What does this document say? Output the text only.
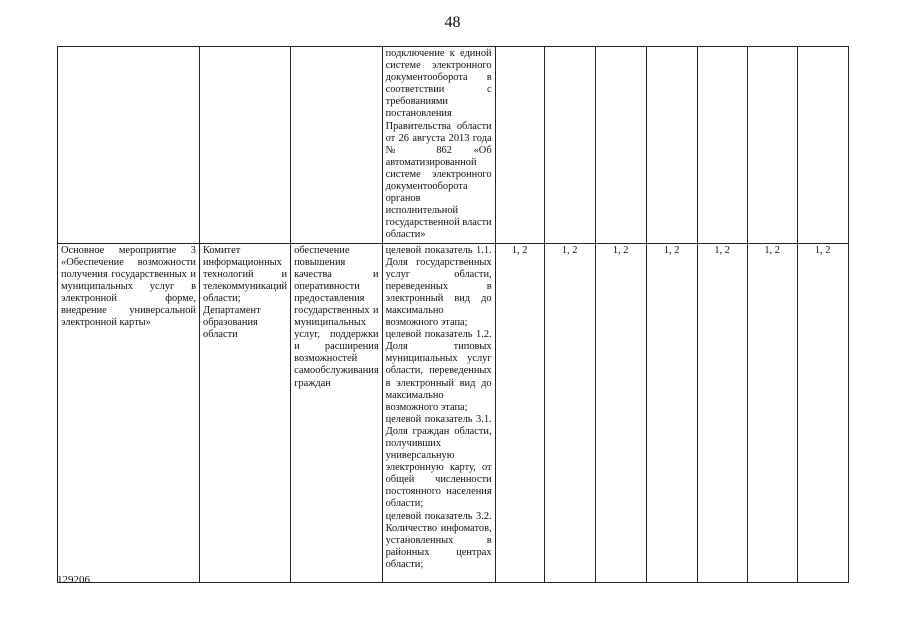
48

			подключение к единой системе электронного документооборота в соответствии с требованиями постановления Правительства области от 26 августа 2013 года № 862 «Об автоматизированной системе электронного документооборота органов исполнительной государственной власти области»							

Основное мероприятие 3 «Обеспечение возможности получения государственных и муниципальных услуг в электронной форме, внедрение универсальной электронной карты»	Комитет информационных технологий и телекоммуникаций области;
Департамент образования области	обеспечение повышения качества и оперативности предоставления государственных и муниципальных услуг, поддержки и расширения возможностей самообслуживания граждан	целевой показатель 1.1. Доля государственных услуг области, переведенных в электронный вид до максимально возможного этапа;
целевой показатель 1.2. Доля типовых муниципальных услуг области, переведенных в электронный вид до максимально возможного этапа;
целевой показатель 3.1. Доля граждан области, получивших универсальную электронную карту, от общей численности постоянного населения области;
целевой показатель 3.2. Количество инфоматов, установленных в районных центрах области;	1, 2	1, 2	1, 2	1, 2	1, 2	1, 2	1, 2
129206
